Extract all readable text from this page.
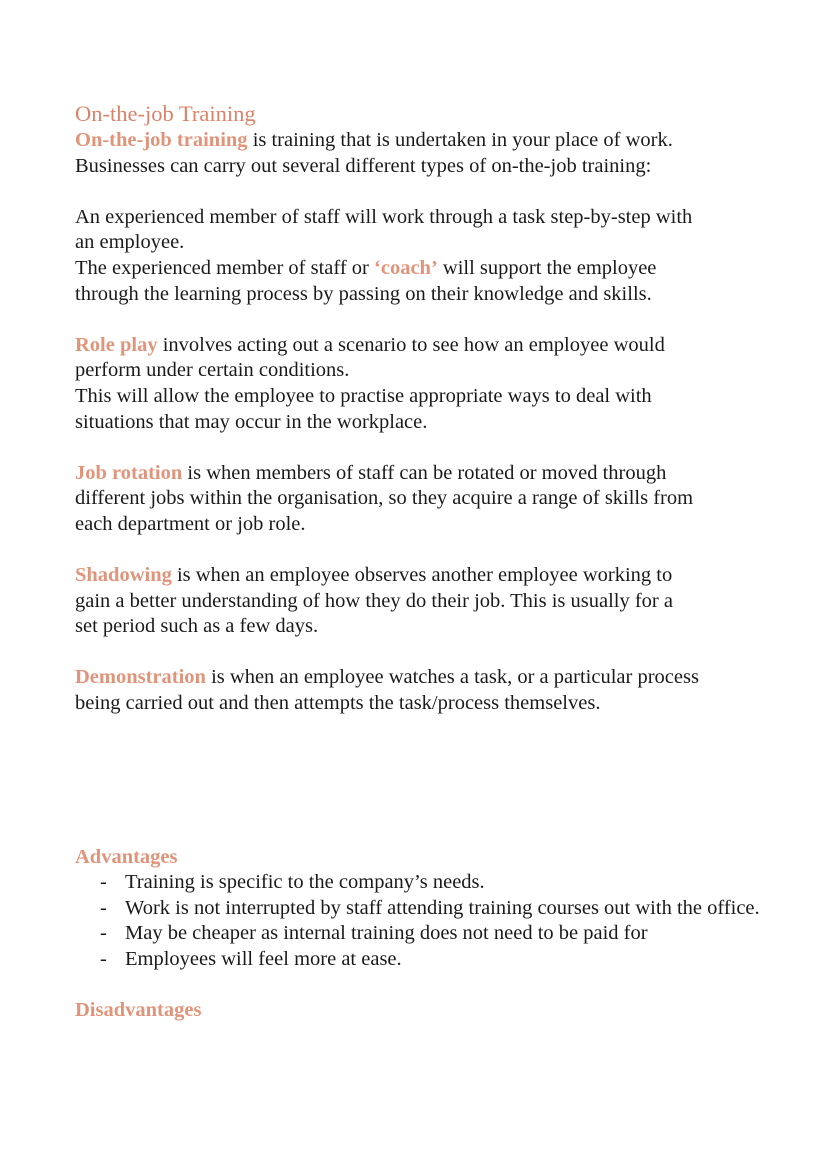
On-the-job Training

On-the-job training is training that is undertaken in your place of work.
Businesses can carry out several different types of on-the-job training:

An experienced member of staff will work through a task step-by-step with
an employee.
The experienced member of staff or ‘coach’ will support the employee
through the learning process by passing on their knowledge and skills.

Role play involves acting out a scenario to see how an employee would
perform under certain conditions.
This will allow the employee to practise appropriate ways to deal with
situations that may occur in the workplace.

Job rotation is when members of staff can be rotated or moved through
different jobs within the organisation, so they acquire a range of skills from
each department or job role.

Shadowing is when an employee observes another employee working to
gain a better understanding of how they do their job. This is usually for a
set period such as a few days.

Demonstration is when an employee watches a task, or a particular process
being carried out and then attempts the task/process themselves.

Advantages

- Training is specific to the company’s needs.
- Work is not interrupted by staff attending training courses out with the office.
- May be cheaper as internal training does not need to be paid for
- Employees will feel more at ease.

Disadvantages
